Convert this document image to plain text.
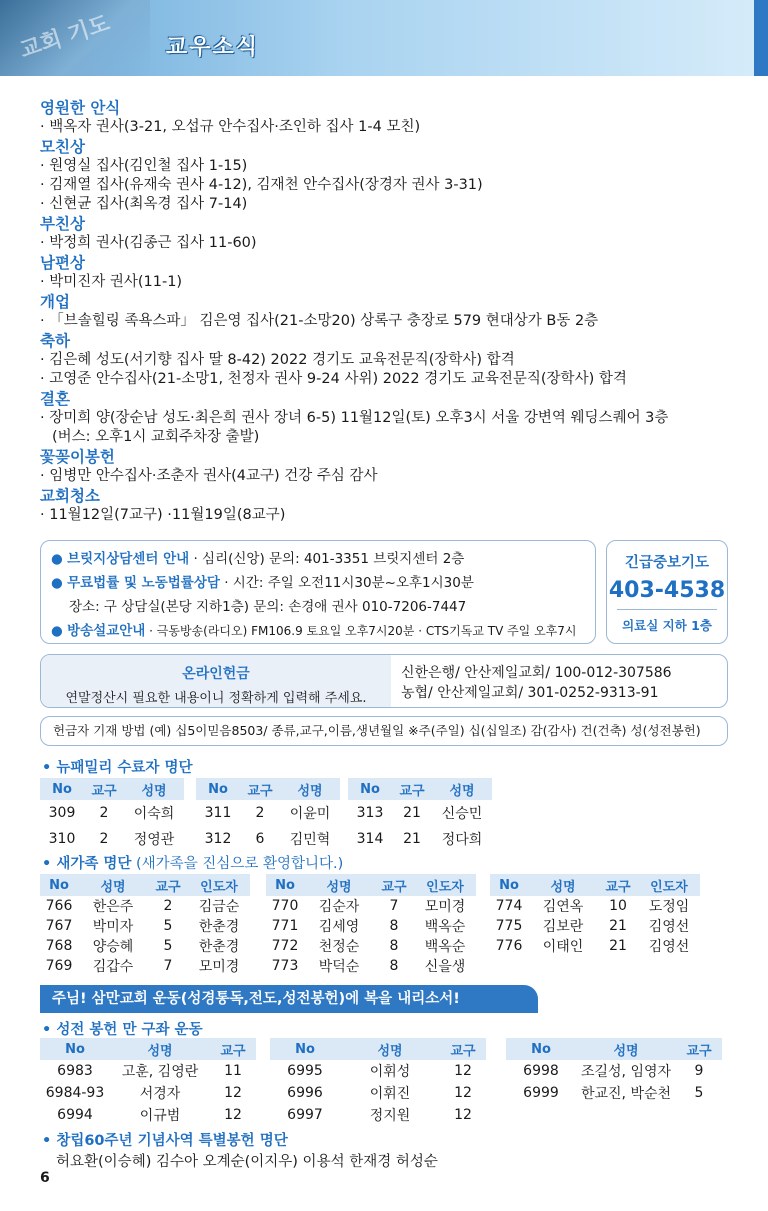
교회 기도 교우소식
영원한 안식

· 백옥자 권사(3-21, 오섭규 안수집사·조인하 집사 1-4 모친)

모친상

· 원영실 집사(김인철 집사 1-15)

· 김재열 집사(유재숙 권사 4-12), 김재천 안수집사(장경자 권사 3-31)

· 신현균 집사(최옥경 집사 7-14)

부친상

· 박정희 권사(김종근 집사 11-60)

남편상

· 박미진자 권사(11-1)

개업

· 「브솔힐링 족욕스파」 김은영 집사(21-소망20) 상록구 충장로 579 현대상가 B동 2층

축하

· 김은혜 성도(서기향 집사 딸 8-42) 2022 경기도 교육전문직(장학사) 합격

· 고영준 안수집사(21-소망1, 천정자 권사 9-24 사위) 2022 경기도 교육전문직(장학사) 합격

결혼

· 장미희 양(장순남 성도·최은희 권사 장녀 6-5) 11월12일(토) 오후3시 서울 강변역 웨딩스퀘어 3층

(버스: 오후1시 교회주차장 출발)

꽃꽂이봉헌

· 임병만 안수집사·조춘자 권사(4교구) 건강 주심 감사

교회청소

· 11월12일(7교구) ·11월19일(8교구)

● 브릿지상담센터 안내 · 심리(신앙) 문의: 401-3351 브릿지센터 2층
● 무료법률 및 노동법률상담 · 시간: 주일 오전11시30분~오후1시30분
장소: 구 상담실(본당 지하1층) 문의: 손경애 권사 010-7206-7447
● 방송설교안내 · 극동방송(라디오) FM106.9 토요일 오후7시20분 · CTS기독교 TV 주일 오후7시
긴급중보기도
403-4538
의료실 지하 1층
온라인헌금
연말정산시 필요한 내용이니 정확하게 입력해 주세요.
신한은행/ 안산제일교회/ 100-012-307586
농협/ 안산제일교회/ 301-0252-9313-91
헌금자 기재 방법 (예) 십5이믿음8503/ 종류,교구,이름,생년월일 ※주(주일) 십(십일조) 감(감사) 건(건축) 성(성전봉헌)
• 뉴패밀리 수료자 명단
No	교구	성명
309	2	이숙희
310	2	정영관
No	교구	성명
311	2	이윤미
312	6	김민혁
No	교구	성명
313	21	신승민
314	21	정다희
• 새가족 명단 (새가족을 진심으로 환영합니다.)
No	성명	교구	인도자
766	한은주	2	김금순
767	박미자	5	한춘경
768	양승혜	5	한춘경
769	김갑수	7	모미경
No	성명	교구	인도자
770	김순자	7	모미경
771	김세영	8	백옥순
772	천정순	8	백옥순
773	박덕순	8	신을생
No	성명	교구	인도자
774	김연옥	10	도정임
775	김보란	21	김영선
776	이태인	21	김영선
주님! 삼만교회 운동(성경통독,전도,성전봉헌)에 복을 내리소서!
• 성전 봉헌 만 구좌 운동
No	성명	교구
6983	고훈, 김영란	11
6984-93	서경자	12
6994	이규범	12
No	성명	교구
6995	이휘성	12
6996	이휘진	12
6997	정지원	12
No	성명	교구
6998	조길성, 임영자	9
6999	한교진, 박순천	5
• 창립60주년 기념사역 특별봉헌 명단
허요환(이승혜) 김수아 오계순(이지우) 이용석 한재경 허성순
6
